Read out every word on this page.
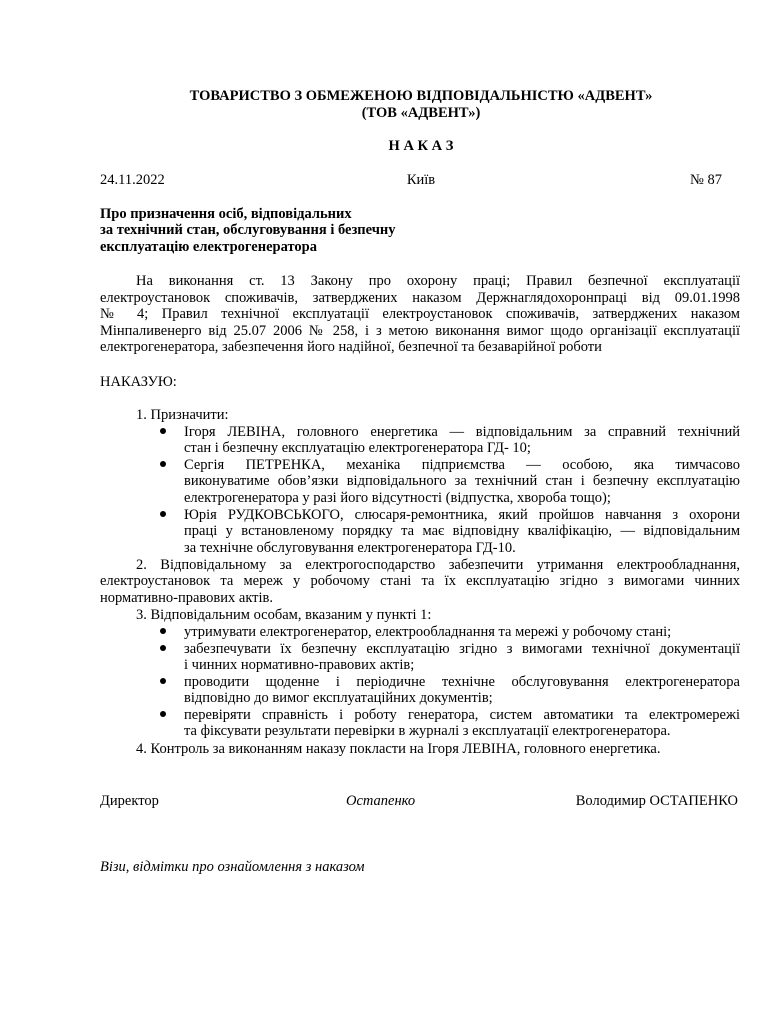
ТОВАРИСТВО З ОБМЕЖЕНОЮ ВІДПОВІДАЛЬНІСТЮ «АДВЕНТ»
(ТОВ «АДВЕНТ»)
Н А К А З
24.11.2022	Київ	№ 87
Про призначення осіб, відповідальних
за технічний стан, обслуговування і безпечну
експлуатацію електрогенератора
На виконання ст. 13 Закону про охорону праці; Правил безпечної експлуатації
електроустановок споживачів, затверджених наказом Держнаглядохоронпраці від 09.01.1998
№ 4; Правил технічної експлуатації електроустановок споживачів, затверджених наказом
Мінпаливенерго від 25.07 2006 № 258, і з метою виконання вимог щодо організації експлуатації
електрогенератора, забезпечення його надійної, безпечної та безаварійної роботи
НАКАЗУЮ:
1. Призначити:
Ігоря ЛЕВІНА, головного енергетика — відповідальним за справний технічний
стан і безпечну експлуатацію електрогенератора ГД- 10;
Сергія ПЕТРЕНКА, механіка підприємства — особою, яка тимчасово
виконуватиме обов’язки відповідального за технічний стан і безпечну експлуатацію
електрогенератора у разі його відсутності (відпустка, хвороба тощо);
Юрія РУДКОВСЬКОГО, слюсаря-ремонтника, який пройшов навчання з охорони
праці у встановленому порядку та має відповідну кваліфікацію, — відповідальним
за технічне обслуговування електрогенератора ГД-10.
2. Відповідальному за електрогосподарство забезпечити утримання електрообладнання,
електроустановок та мереж у робочому стані та їх експлуатацію згідно з вимогами чинних
нормативно-правових актів.
3. Відповідальним особам, вказаним у пункті 1:
утримувати електрогенератор, електрообладнання та мережі у робочому стані;
забезпечувати їх безпечну експлуатацію згідно з вимогами технічної документації
і чинних нормативно-правових актів;
проводити щоденне і періодичне технічне обслуговування електрогенератора
відповідно до вимог експлуатаційних документів;
перевіряти справність і роботу генератора, систем автоматики та електромережі
та фіксувати результати перевірки в журналі з експлуатації електрогенератора.
4. Контроль за виконанням наказу покласти на Ігоря ЛЕВІНА, головного енергетика.
Директор	Остапенко	Володимир ОСТАПЕНКО
Візи, відмітки про ознайомлення з наказом
